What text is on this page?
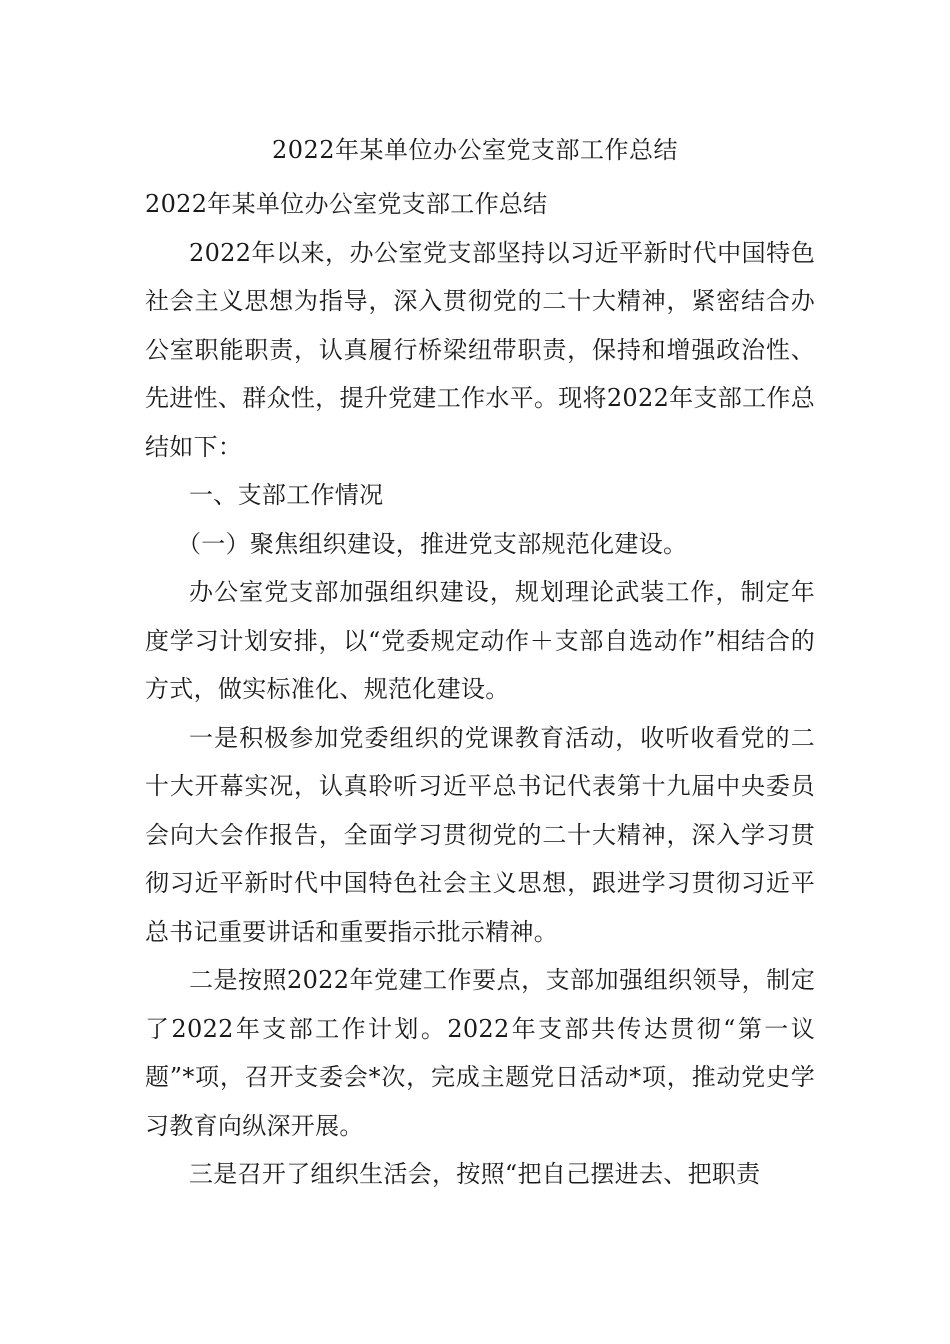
2022年某单位办公室党支部工作总结

2022年某单位办公室党支部工作总结

2022年以来，办公室党支部坚持以习近平新时代中国特色社会主义思想为指导，深入贯彻党的二十大精神，紧密结合办公室职能职责，认真履行桥梁纽带职责，保持和增强政治性、先进性、群众性，提升党建工作水平。现将2022年支部工作总结如下：

一、支部工作情况

（一）聚焦组织建设，推进党支部规范化建设。

办公室党支部加强组织建设，规划理论武装工作，制定年度学习计划安排，以“党委规定动作＋支部自选动作”相结合的方式，做实标准化、规范化建设。

一是积极参加党委组织的党课教育活动，收听收看党的二十大开幕实况，认真聆听习近平总书记代表第十九届中央委员会向大会作报告，全面学习贯彻党的二十大精神，深入学习贯彻习近平新时代中国特色社会主义思想，跟进学习贯彻习近平总书记重要讲话和重要指示批示精神。

二是按照2022年党建工作要点，支部加强组织领导，制定了2022年支部工作计划。2022年支部共传达贯彻“第一议题”*项，召开支委会*次，完成主题党日活动*项，推动党史学习教育向纵深开展。

三是召开了组织生活会，按照“把自己摆进去、把职责
